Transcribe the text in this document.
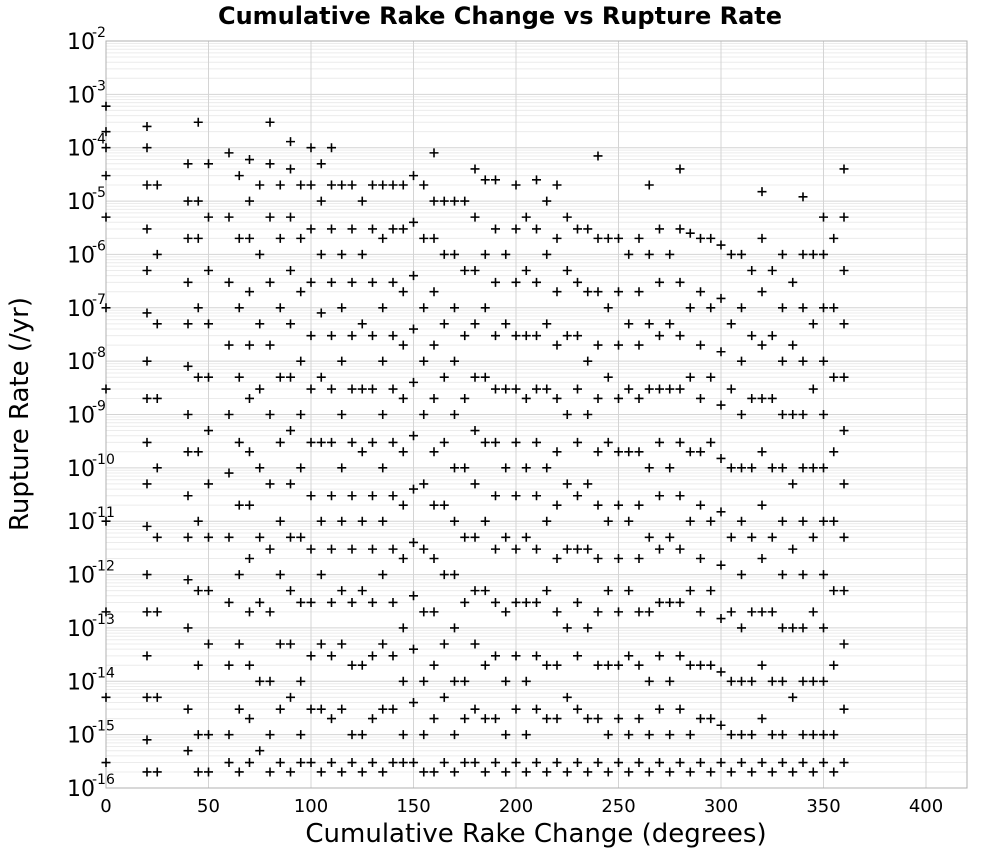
Cumulative Rake Change vs Rupture Rate
0	50	100	150	200	250	300	350	400
10
-16
10
-15
10
-14
10
-13
10
-12
10
-11
10
-10
10
-9
10
-8
10
-7
10
-6
10
-5
10
-4
10
-3
10
-2
Cumulative Rake Change (degrees)
Rupture Rate (/yr)
